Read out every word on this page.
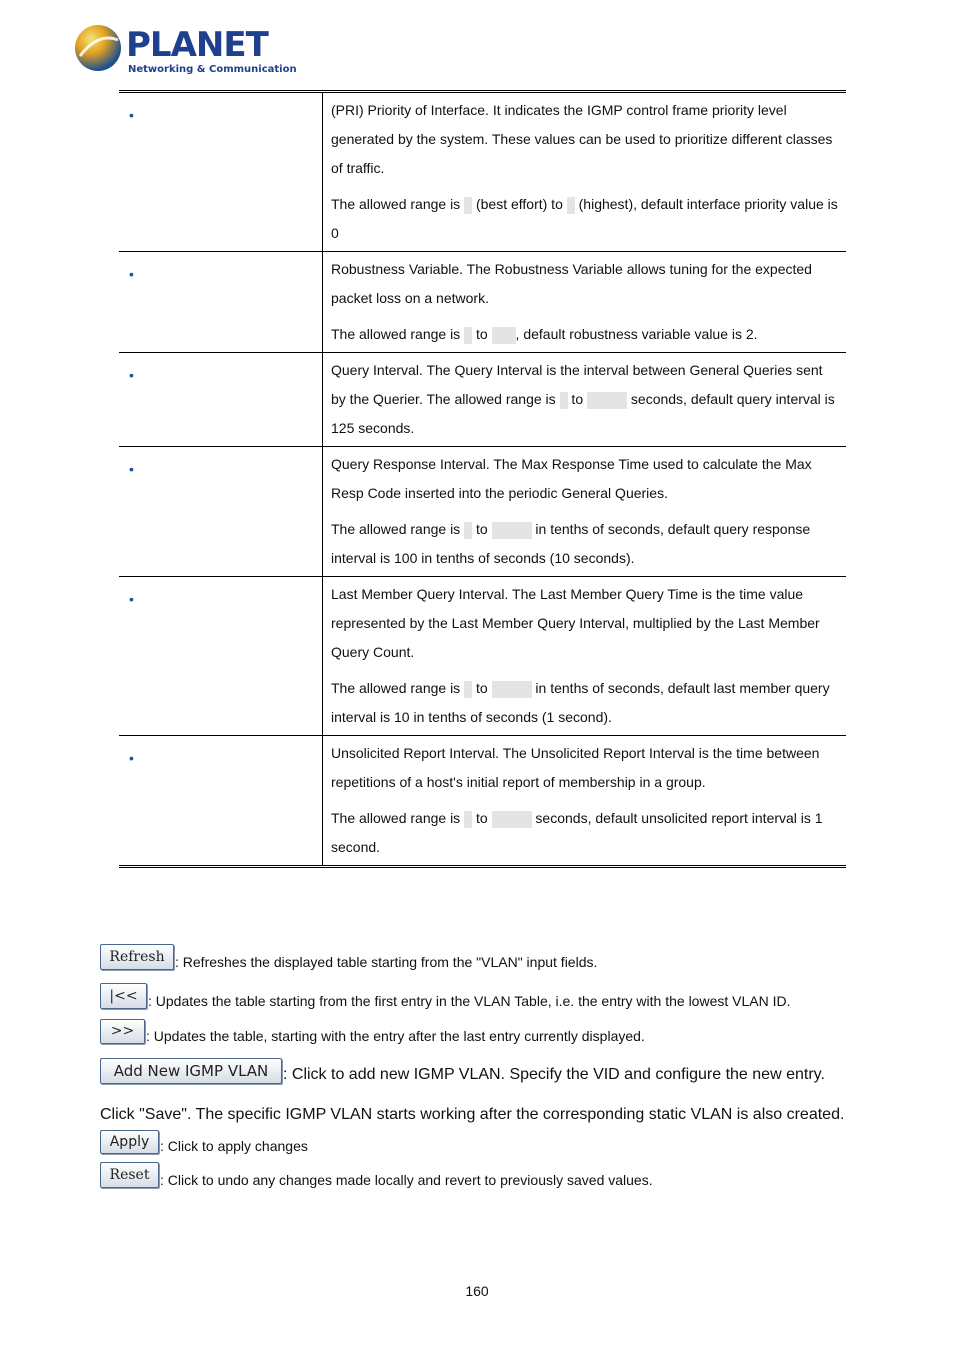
PLANET
Networking & Communication
•	(PRI) Priority of Interface. It indicates the IGMP control frame priority level generated by the system. These values can be used to prioritize different classes of traffic.

The allowed range is  (best effort) to  (highest), default interface priority value is 0

•	Robustness Variable. The Robustness Variable allows tuning for the expected packet loss on a network.

The allowed range is  to , default robustness variable value is 2.

•	Query Interval. The Query Interval is the interval between General Queries sent by the Querier. The allowed range is  to seconds, default query interval is 125 seconds.

•	Query Response Interval. The Max Response Time used to calculate the Max Resp Code inserted into the periodic General Queries.

The allowed range is  to in tenths of seconds, default query response interval is 100 in tenths of seconds (10 seconds).

•	Last Member Query Interval. The Last Member Query Time is the time value represented by the Last Member Query Interval, multiplied by the Last Member Query Count.

The allowed range is  to in tenths of seconds, default last member query interval is 10 in tenths of seconds (1 second).

•	Unsolicited Report Interval. The Unsolicited Report Interval is the time between repetitions of a host's initial report of membership in a group.

The allowed range is  to seconds, default unsolicited report interval is 1 second.

Refresh : Refreshes the displayed table starting from the "VLAN" input fields.
|<< : Updates the table starting from the first entry in the VLAN Table, i.e. the entry with the lowest VLAN ID.
>> : Updates the table, starting with the entry after the last entry currently displayed.
Add New IGMP VLAN : Click to add new IGMP VLAN. Specify the VID and configure the new entry.
Click "Save". The specific IGMP VLAN starts working after the corresponding static VLAN is also created.
Apply : Click to apply changes
Reset : Click to undo any changes made locally and revert to previously saved values.
160
